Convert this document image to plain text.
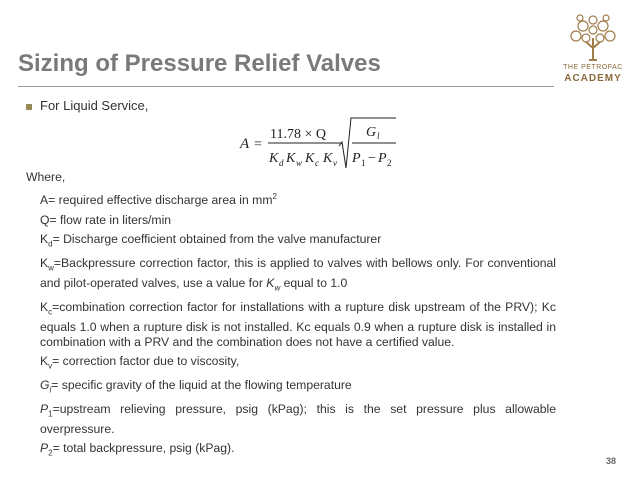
Sizing of Pressure Relief Valves	THE PETROFAC
ACADEMY
For Liquid Service,
A =
11.78 × Q
K d K w K c K v
G l
P 1 − P 2

Where,

A= required effective discharge area in $mm^2$

Q= flow rate in liters/min

$K_d=$ Discharge coefficient obtained from the valve manufacturer

$K_w=Backpressure$ correction factor, this is applied to valves with bellows only. For conventional and pilot-operated valves, use a value for $K_w$ equal to 1.0

$K_c=combination$ correction factor for installations with a rupture disk upstream of the PRV); Kc equals 1.0 when a rupture disk is not installed. Kc equals 0.9 when a rupture disk is installed in combination with a PRV and the combination does not have a certified value.

$K_v=$ correction factor due to viscosity,

$G_l=$ specific gravity of the liquid at the flowing temperature

$P_1=upstream$ relieving pressure, psig (kPag); this is the set pressure plus allowable overpressure.

$P_2=$ total backpressure, psig (kPag).

38
